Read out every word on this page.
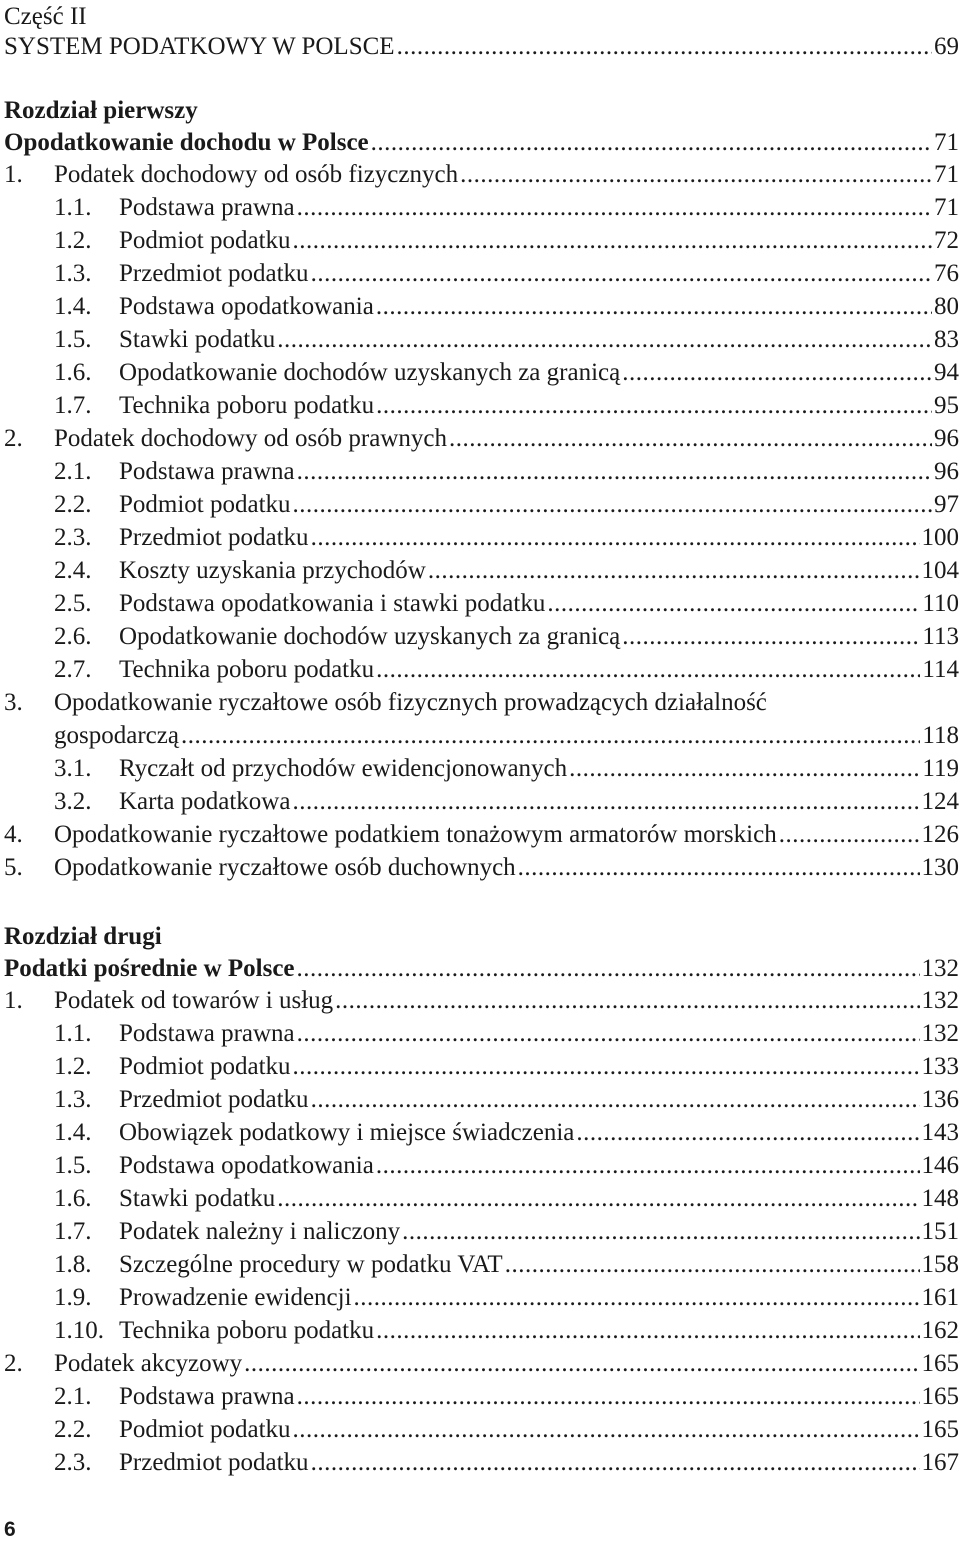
Część II
SYSTEM PODATKOWY W POLSCE .....	69
Rozdział pierwszy
Opodatkowanie dochodu w Polsce .....	71
1. Podatek dochodowy od osób fizycznych .....	71
1.1. Podstawa prawna .....	71
1.2. Podmiot podatku .....	72
1.3. Przedmiot podatku .....	76
1.4. Podstawa opodatkowania .....	80
1.5. Stawki podatku .....	83
1.6. Opodatkowanie dochodów uzyskanych za granicą .....	94
1.7. Technika poboru podatku .....	95
2. Podatek dochodowy od osób prawnych .....	96
2.1. Podstawa prawna .....	96
2.2. Podmiot podatku .....	97
2.3. Przedmiot podatku .....	100
2.4. Koszty uzyskania przychodów .....	104
2.5. Podstawa opodatkowania i stawki podatku .....	110
2.6. Opodatkowanie dochodów uzyskanych za granicą .....	113
2.7. Technika poboru podatku .....	114
3. Opodatkowanie ryczałtowe osób fizycznych prowadzących działalność
gospodarczą .....	118
3.1. Ryczałt od przychodów ewidencjonowanych .....	119
3.2. Karta podatkowa .....	124
4. Opodatkowanie ryczałtowe podatkiem tonażowym armatorów morskich .....	126
5. Opodatkowanie ryczałtowe osób duchownych .....	130
Rozdział drugi
Podatki pośrednie w Polsce .....	132
1. Podatek od towarów i usług .....	132
1.1. Podstawa prawna .....	132
1.2. Podmiot podatku .....	133
1.3. Przedmiot podatku .....	136
1.4. Obowiązek podatkowy i miejsce świadczenia .....	143
1.5. Podstawa opodatkowania .....	146
1.6. Stawki podatku .....	148
1.7. Podatek należny i naliczony .....	151
1.8. Szczególne procedury w podatku VAT .....	158
1.9. Prowadzenie ewidencji .....	161
1.10. Technika poboru podatku .....	162
2. Podatek akcyzowy .....	165
2.1. Podstawa prawna .....	165
2.2. Podmiot podatku .....	165
2.3. Przedmiot podatku .....	167
6
